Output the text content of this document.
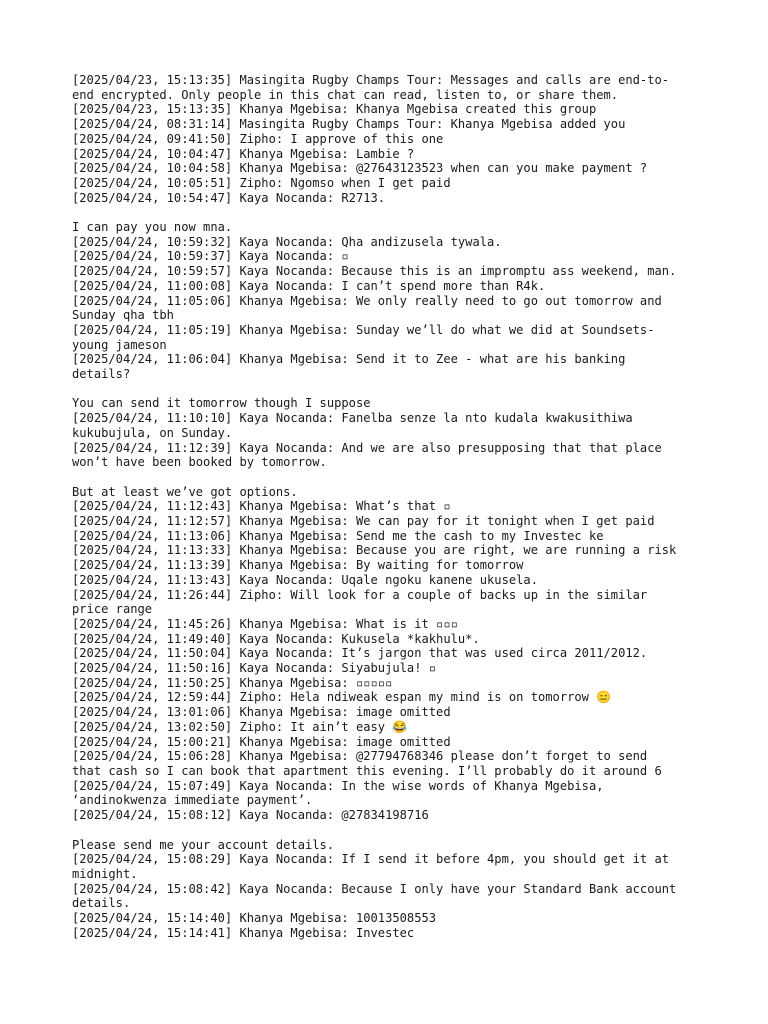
[2025/04/23, 15:13:35] Masingita Rugby Champs Tour: Messages and calls are end-to-
end encrypted. Only people in this chat can read, listen to, or share them.
[2025/04/23, 15:13:35] Khanya Mgebisa: Khanya Mgebisa created this group
[2025/04/24, 08:31:14] Masingita Rugby Champs Tour: Khanya Mgebisa added you
[2025/04/24, 09:41:50] Zipho: I approve of this one
[2025/04/24, 10:04:47] Khanya Mgebisa: Lambie ?
[2025/04/24, 10:04:58] Khanya Mgebisa: @27643123523 when can you make payment ?
[2025/04/24, 10:05:51] Zipho: Ngomso when I get paid
[2025/04/24, 10:54:47] Kaya Nocanda: R2713.
I can pay you now mna.
[2025/04/24, 10:59:32] Kaya Nocanda: Qha andizusela tywala.
[2025/04/24, 10:59:37] Kaya Nocanda: ▫
[2025/04/24, 10:59:57] Kaya Nocanda: Because this is an impromptu ass weekend, man.
[2025/04/24, 11:00:08] Kaya Nocanda: I can’t spend more than R4k.
[2025/04/24, 11:05:06] Khanya Mgebisa: We only really need to go out tomorrow and
Sunday qha tbh
[2025/04/24, 11:05:19] Khanya Mgebisa: Sunday we’ll do what we did at Soundsets-
young jameson
[2025/04/24, 11:06:04] Khanya Mgebisa: Send it to Zee - what are his banking
details?
You can send it tomorrow though I suppose
[2025/04/24, 11:10:10] Kaya Nocanda: Fanelba senze la nto kudala kwakusithiwa
kukubujula, on Sunday.
[2025/04/24, 11:12:39] Kaya Nocanda: And we are also presupposing that that place
won’t have been booked by tomorrow.
But at least we’ve got options.
[2025/04/24, 11:12:43] Khanya Mgebisa: What’s that ▫
[2025/04/24, 11:12:57] Khanya Mgebisa: We can pay for it tonight when I get paid
[2025/04/24, 11:13:06] Khanya Mgebisa: Send me the cash to my Investec ke
[2025/04/24, 11:13:33] Khanya Mgebisa: Because you are right, we are running a risk
[2025/04/24, 11:13:39] Khanya Mgebisa: By waiting for tomorrow
[2025/04/24, 11:13:43] Kaya Nocanda: Uqale ngoku kanene ukusela.
[2025/04/24, 11:26:44] Zipho: Will look for a couple of backs up in the similar
price range
[2025/04/24, 11:45:26] Khanya Mgebisa: What is it ▫▫▫
[2025/04/24, 11:49:40] Kaya Nocanda: Kukusela *kakhulu*.
[2025/04/24, 11:50:04] Kaya Nocanda: It’s jargon that was used circa 2011/2012.
[2025/04/24, 11:50:16] Kaya Nocanda: Siyabujula! ▫
[2025/04/24, 11:50:25] Khanya Mgebisa: ▫▫▫▫▫
[2025/04/24, 12:59:44] Zipho: Hela ndiweak espan my mind is on tomorrow 😑
[2025/04/24, 13:01:06] Khanya Mgebisa: image omitted
[2025/04/24, 13:02:50] Zipho: It ain’t easy 😂
[2025/04/24, 15:00:21] Khanya Mgebisa: image omitted
[2025/04/24, 15:06:28] Khanya Mgebisa: @27794768346 please don’t forget to send
that cash so I can book that apartment this evening. I’ll probably do it around 6
[2025/04/24, 15:07:49] Kaya Nocanda: In the wise words of Khanya Mgebisa,
‘andinokwenza immediate payment’.
[2025/04/24, 15:08:12] Kaya Nocanda: @27834198716
Please send me your account details.
[2025/04/24, 15:08:29] Kaya Nocanda: If I send it before 4pm, you should get it at
midnight.
[2025/04/24, 15:08:42] Kaya Nocanda: Because I only have your Standard Bank account
details.
[2025/04/24, 15:14:40] Khanya Mgebisa: 10013508553
[2025/04/24, 15:14:41] Khanya Mgebisa: Investec
